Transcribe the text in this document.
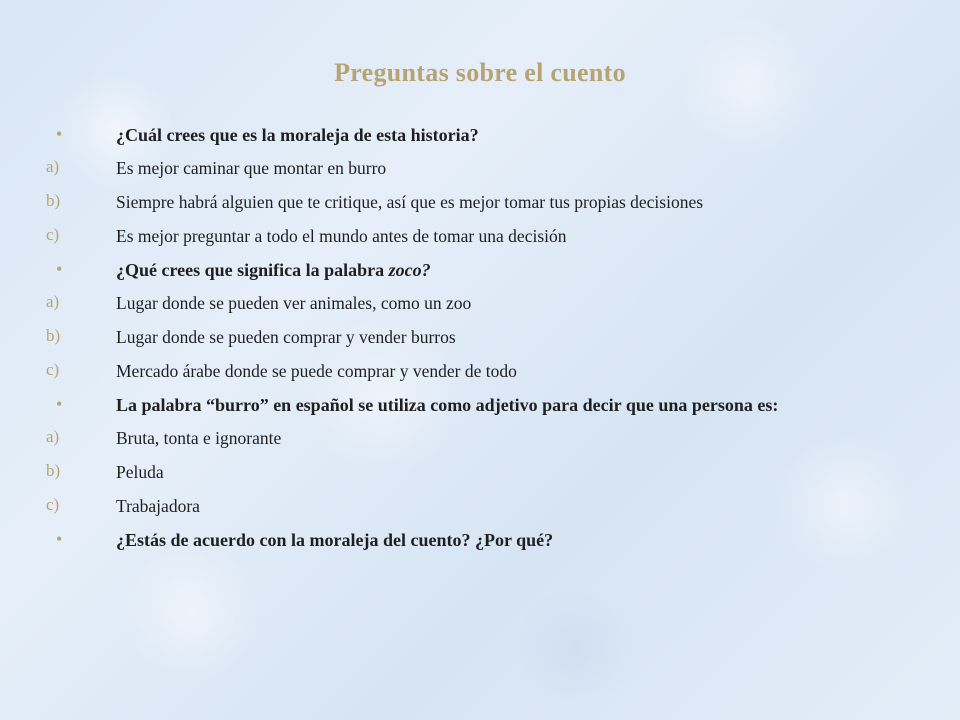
Preguntas sobre el cuento
•	¿Cuál crees que es la moraleja de esta historia?
a)	Es mejor caminar que montar en burro
b)	Siempre habrá alguien que te critique, así que es mejor tomar tus propias decisiones
c)	Es mejor preguntar a todo el mundo antes de tomar una decisión
•	¿Qué crees que significa la palabra zoco?
a)	Lugar donde se pueden ver animales, como un zoo
b)	Lugar donde se pueden comprar y vender burros
c)	Mercado árabe donde se puede comprar y vender de todo
•	La palabra “burro” en español se utiliza como adjetivo para decir que una persona es:
a)	Bruta, tonta e ignorante
b)	Peluda
c)	Trabajadora
•	¿Estás de acuerdo con la moraleja del cuento? ¿Por qué?
